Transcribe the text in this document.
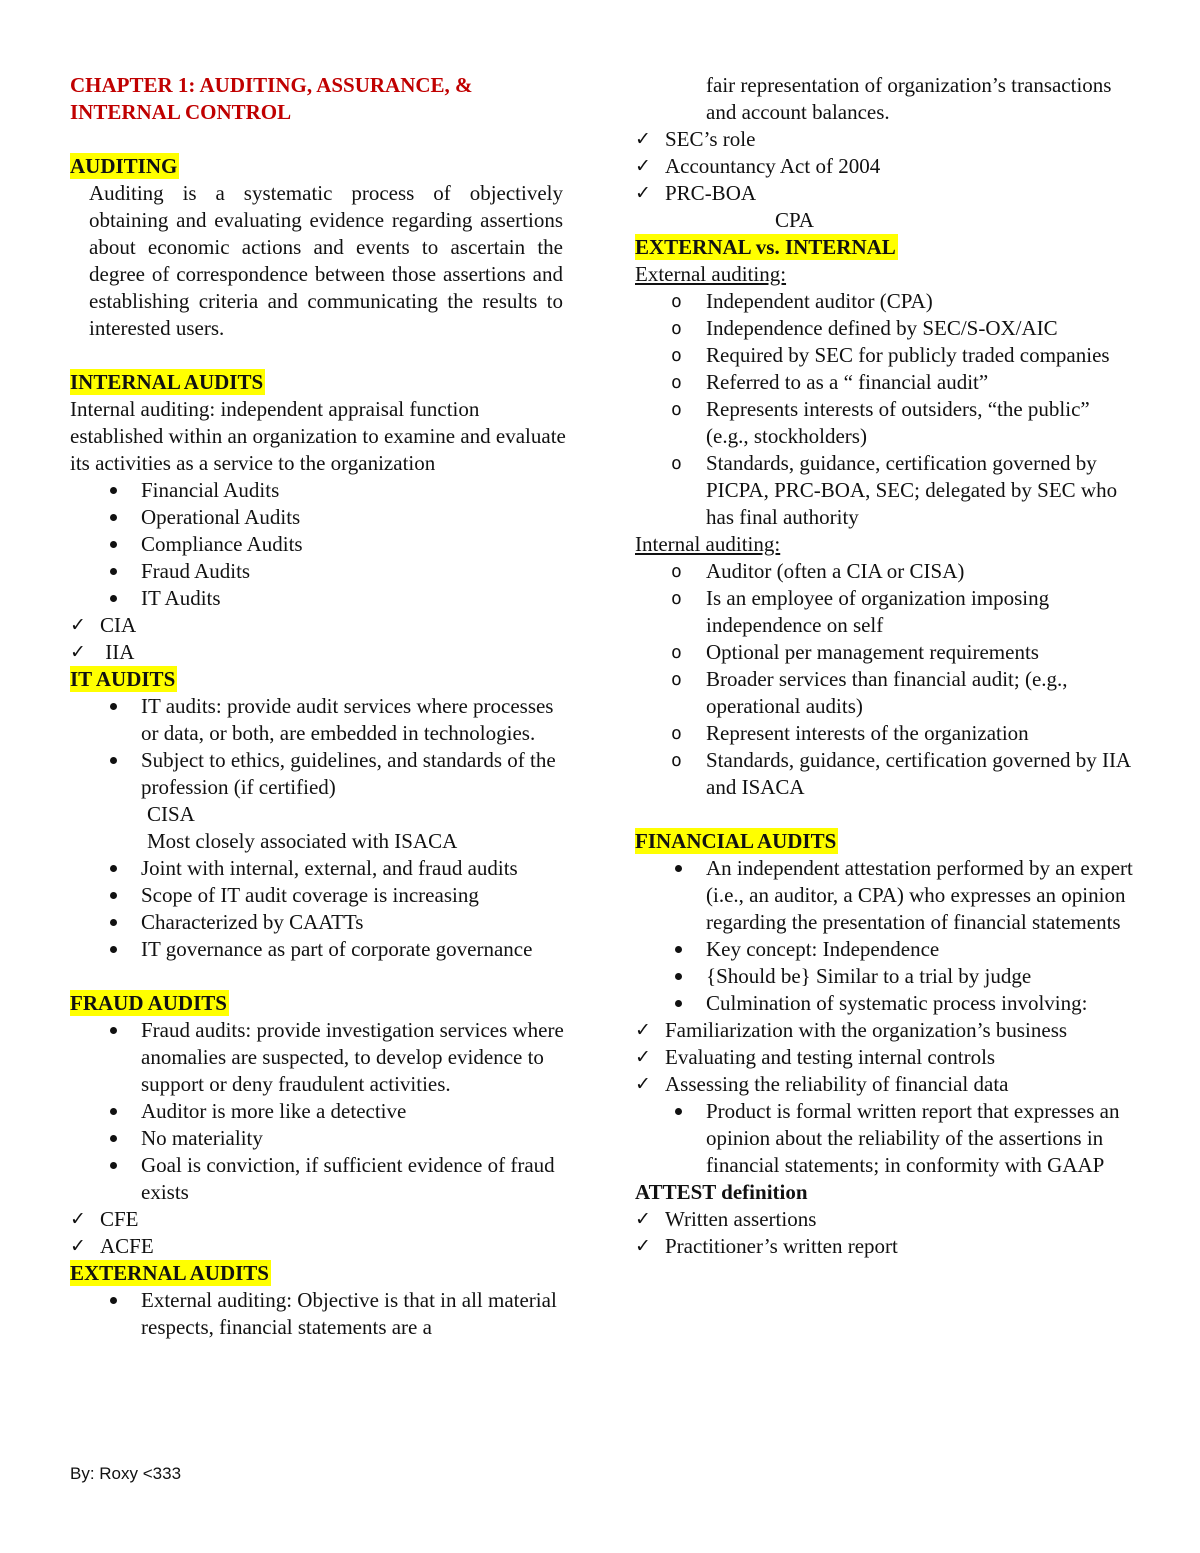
CHAPTER 1: AUDITING, ASSURANCE, & INTERNAL CONTROL
AUDITING

Auditing is a systematic process of objectively obtaining and evaluating evidence regarding assertions about economic actions and events to ascertain the degree of correspondence between those assertions and establishing criteria and communicating the results to interested users.

INTERNAL AUDITS

Internal auditing: independent appraisal function established within an organization to examine and evaluate its activities as a service to the organization

Financial Audits
Operational Audits
Compliance Audits
Fraud Audits
IT Audits
✓ CIA
✓  IIA
IT AUDITS
IT audits: provide audit services where processes or data, or both, are embedded in technologies.
Subject to ethics, guidelines, and standards of the profession (if certified)
CISA
Most closely associated with ISACA
Joint with internal, external, and fraud audits
Scope of IT audit coverage is increasing
Characterized by CAATTs
IT governance as part of corporate governance
FRAUD AUDITS
Fraud audits: provide investigation services where anomalies are suspected, to develop evidence to support or deny fraudulent activities.
Auditor is more like a detective
No materiality
Goal is conviction, if sufficient evidence of fraud exists
✓ CFE
✓ ACFE
EXTERNAL AUDITS
External auditing: Objective is that in all material respects, financial statements are a
By: Roxy <333

fair representation of organization’s transactions and account balances.

✓ SEC’s role
✓ Accountancy Act of 2004
✓ PRC-BOA
CPA
EXTERNAL vs. INTERNAL
External auditing:
o Independent auditor (CPA)
o Independence defined by SEC/S-OX/AIC
o Required by SEC for publicly traded companies
o Referred to as a “ financial audit”
o Represents interests of outsiders, “the public” (e.g., stockholders)
o Standards, guidance, certification governed by PICPA, PRC-BOA, SEC; delegated by SEC who has final authority
Internal auditing:
o Auditor (often a CIA or CISA)
o Is an employee of organization imposing independence on self
o Optional per management requirements
o Broader services than financial audit; (e.g., operational audits)
o Represent interests of the organization
o Standards, guidance, certification governed by IIA and ISACA
FINANCIAL AUDITS
An independent attestation performed by an expert (i.e., an auditor, a CPA) who expresses an opinion regarding the presentation of financial statements
Key concept: Independence
{Should be} Similar to a trial by judge
Culmination of systematic process involving:
✓ Familiarization with the organization’s business
✓ Evaluating and testing internal controls
✓ Assessing the reliability of financial data
Product is formal written report that expresses an opinion about the reliability of the assertions in financial statements; in conformity with GAAP
ATTEST definition
✓ Written assertions
✓ Practitioner’s written report
